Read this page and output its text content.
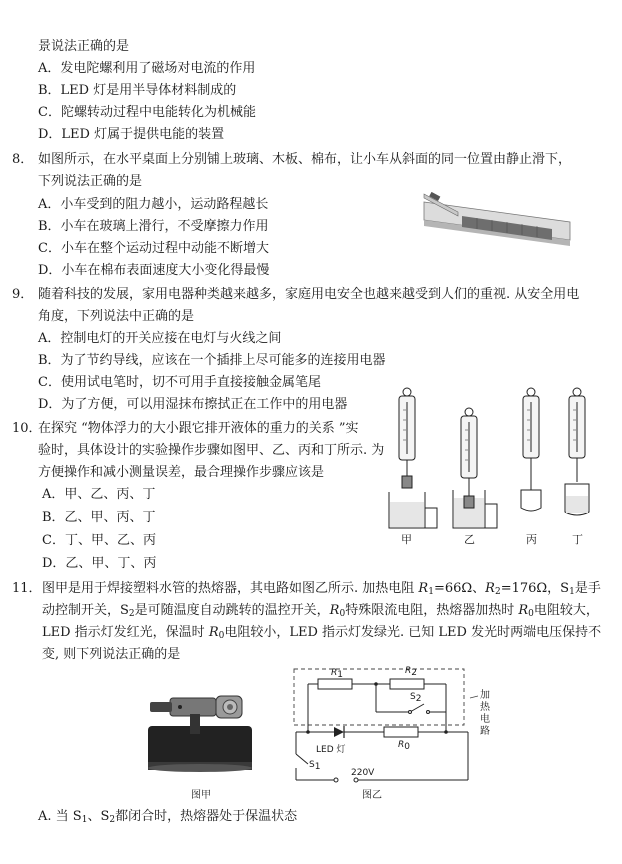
景说法正确的是
A．发电陀螺利用了磁场对电流的作用
B．LED 灯是用半导体材料制成的
C．陀螺转动过程中电能转化为机械能
D．LED 灯属于提供电能的装置
8． 如图所示，在水平桌面上分别铺上玻璃、木板、棉布，让小车从斜面的同一位置由静止滑下，
下列说法正确的是
A．小车受到的阻力越小，运动路程越长
B．小车在玻璃上滑行，不受摩擦力作用
C．小车在整个运动过程中动能不断增大
D．小车在棉布表面速度大小变化得最慢
9． 随着科技的发展，家用电器种类越来越多，家庭用电安全也越来越受到人们的重视. 从安全用电
角度，下列说法中正确的是
A．控制电灯的开关应接在电灯与火线之间
B．为了节约导线，应该在一个插排上尽可能多的连接用电器
C．使用试电笔时，切不可用手直接接触金属笔尾
D．为了方便，可以用湿抹布擦拭正在工作中的用电器
10．
在探究 “物体浮力的大小跟它排开液体的重力的关系 ”实
验时，具体设计的实验操作步骤如图甲、乙、丙和丁所示. 为
方便操作和减小测量误差，最合理操作步骤应该是
A．甲、乙、丙、丁
B．乙、甲、丙、丁
C．丁、甲、乙、丙
D．乙、甲、丁、丙
甲	乙	丙	丁
11． 图甲是用于焊接塑料水管的热熔器，其电路如图乙所示. 加热电阻 $R_1=66\Omega$、$R_2=176\Omega$，$S_1$是手
动控制开关，$S_2$是可随温度自动跳转的温控开关，$R_0$特殊限流电阻，热熔器加热时 $R_0$电阻较大，
LED 指示灯发红光，保温时 $R_0$电阻较小，LED 指示灯发绿光. 已知 LED 发光时两端电压保持不
变, 则下列说法正确的是
图甲
R1	R2
S2
LED 灯	R0
S1
220V
加
热
电
路
图乙
A. 当 $S_1$、$S_2$都闭合时，热熔器处于保温状态
